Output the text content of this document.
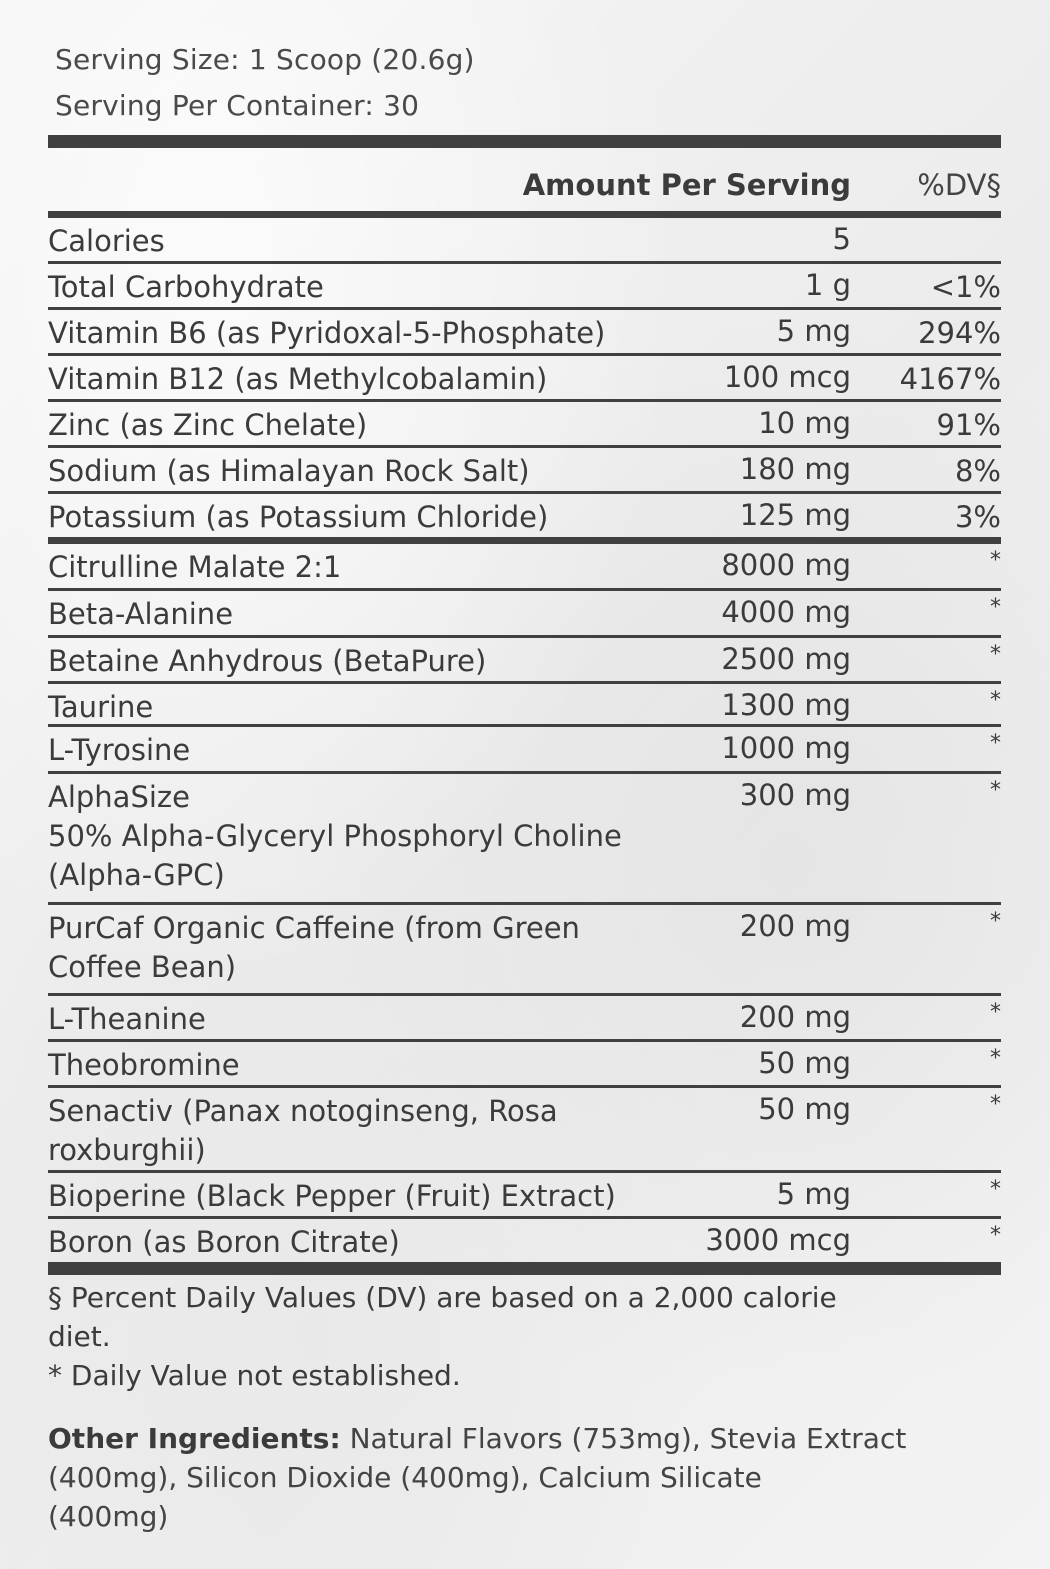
Serving Size: 1 Scoop (20.6g)
Serving Per Container: 30
Amount Per Serving %DV§
Calories	5
Total Carbohydrate	1 g	<1%
Vitamin B6 (as Pyridoxal-5-Phosphate)	5 mg 294%
Vitamin B12 (as Methylcobalamin)	100 mcg 4167%
Zinc (as Zinc Chelate)	10 mg	91%
Sodium (as Himalayan Rock Salt)	180 mg	8%
Potassium (as Potassium Chloride)	125 mg	3%
Citrulline Malate 2:1	8000 mg	*
Beta-Alanine	4000 mg	*
Betaine Anhydrous (BetaPure)	2500 mg	*
Taurine	1300 mg	*
L-Tyrosine	1000 mg	*
AlphaSize
50% Alpha-Glyceryl Phosphoryl Choline
(Alpha-GPC)
300 mg	*
PurCaf Organic Caffeine (from Green
Coffee Bean)
200 mg	*
L-Theanine	200 mg	*
Theobromine	50 mg	*
Senactiv (Panax notoginseng, Rosa
roxburghii)
50 mg	*
Bioperine (Black Pepper (Fruit) Extract)	5 mg	*
Boron (as Boron Citrate)	3000 mcg	*
§ Percent Daily Values (DV) are based on a 2,000 calorie
diet.
* Daily Value not established.
Other Ingredients: Natural Flavors (753mg), Stevia Extract
(400mg), Silicon Dioxide (400mg), Calcium Silicate
(400mg)
